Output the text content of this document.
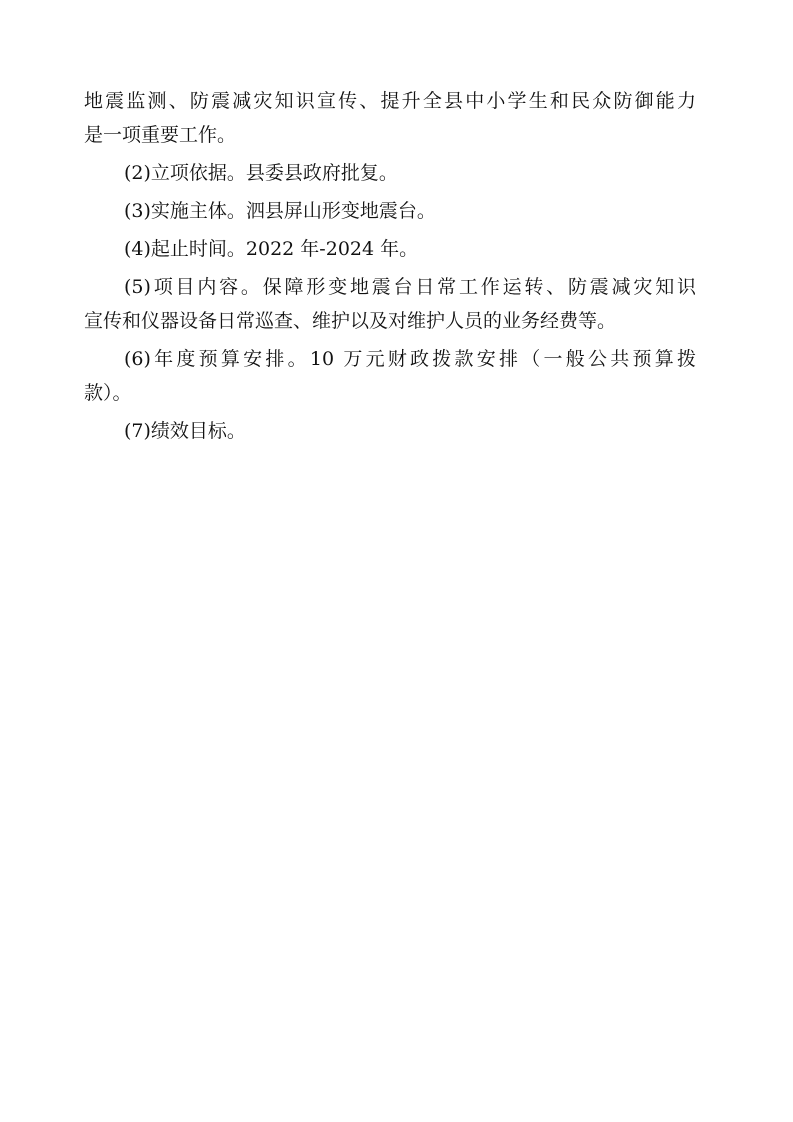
地震监测、防震减灾知识宣传、提升全县中小学生和民众防御能力
是一项重要工作。
(2)立项依据。县委县政府批复。
(3)实施主体。泗县屏山形变地震台。
(4)起止时间。2022 年-2024 年。
(5)项目内容。保障形变地震台日常工作运转、防震减灾知识
宣传和仪器设备日常巡查、维护以及对维护人员的业务经费等。
(6)年度预算安排。10 万元财政拨款安排（一般公共预算拨
款）。
(7)绩效目标。
